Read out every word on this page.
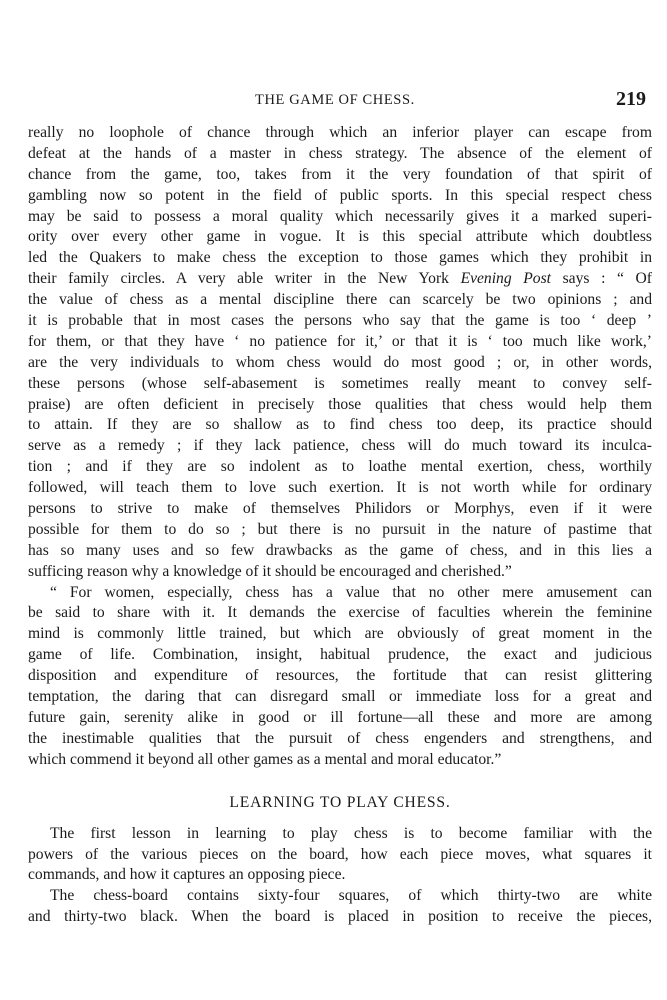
THE GAME OF CHESS.	219
really no loophole of chance through which an inferior player can escape from
defeat at the hands of a master in chess strategy. The absence of the element of
chance from the game, too, takes from it the very foundation of that spirit of
gambling now so potent in the field of public sports. In this special respect chess
may be said to possess a moral quality which necessarily gives it a marked superi-
ority over every other game in vogue. It is this special attribute which doubtless
led the Quakers to make chess the exception to those games which they prohibit in
their family circles. A very able writer in the New York Evening Post says : “ Of
the value of chess as a mental discipline there can scarcely be two opinions ; and
it is probable that in most cases the persons who say that the game is too ‘ deep ’
for them, or that they have ‘ no patience for it,’ or that it is ‘ too much like work,’
are the very individuals to whom chess would do most good ; or, in other words,
these persons (whose self-abasement is sometimes really meant to convey self-
praise) are often deficient in precisely those qualities that chess would help them
to attain. If they are so shallow as to find chess too deep, its practice should
serve as a remedy ; if they lack patience, chess will do much toward its inculca-
tion ; and if they are so indolent as to loathe mental exertion, chess, worthily
followed, will teach them to love such exertion. It is not worth while for ordinary
persons to strive to make of themselves Philidors or Morphys, even if it were
possible for them to do so ; but there is no pursuit in the nature of pastime that
has so many uses and so few drawbacks as the game of chess, and in this lies a
sufficing reason why a knowledge of it should be encouraged and cherished.”
“ For women, especially, chess has a value that no other mere amusement can
be said to share with it. It demands the exercise of faculties wherein the feminine
mind is commonly little trained, but which are obviously of great moment in the
game of life. Combination, insight, habitual prudence, the exact and judicious
disposition and expenditure of resources, the fortitude that can resist glittering
temptation, the daring that can disregard small or immediate loss for a great and
future gain, serenity alike in good or ill fortune—all these and more are among
the inestimable qualities that the pursuit of chess engenders and strengthens, and
which commend it beyond all other games as a mental and moral educator.”
LEARNING TO PLAY CHESS.
The first lesson in learning to play chess is to become familiar with the
powers of the various pieces on the board, how each piece moves, what squares it
commands, and how it captures an opposing piece.
The chess-board contains sixty-four squares, of which thirty-two are white
and thirty-two black. When the board is placed in position to receive the pieces,
